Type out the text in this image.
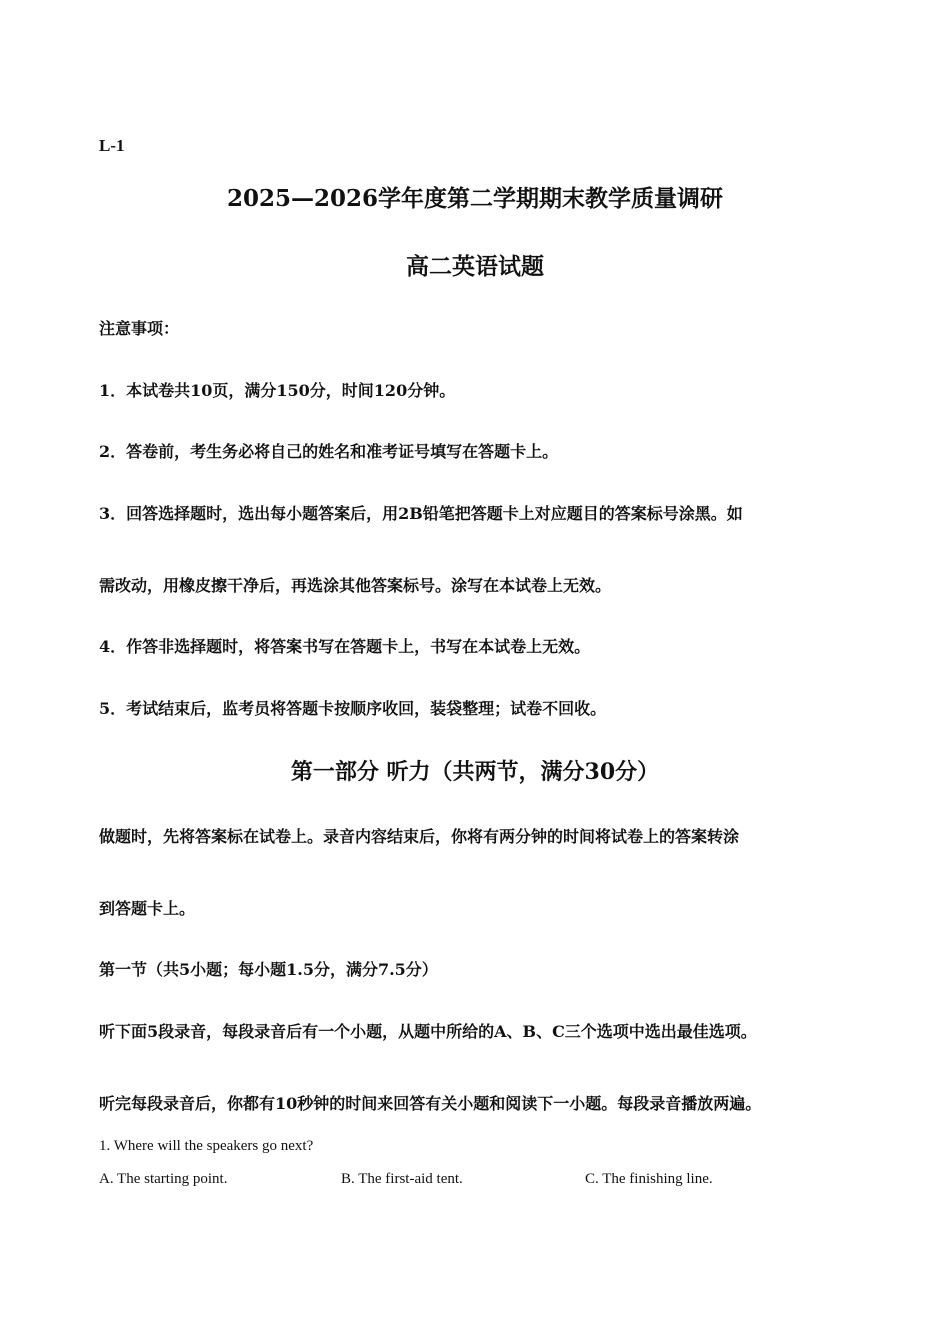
L-1
2025—2026学年度第二学期期末教学质量调研
高二英语试题
注意事项：
1．本试卷共10页，满分150分，时间120分钟。
2．答卷前，考生务必将自己的姓名和准考证号填写在答题卡上。
3．回答选择题时，选出每小题答案后，用2B铅笔把答题卡上对应题目的答案标号涂黑。如
需改动，用橡皮擦干净后，再选涂其他答案标号。涂写在本试卷上无效。
4．作答非选择题时，将答案书写在答题卡上，书写在本试卷上无效。
5．考试结束后，监考员将答题卡按顺序收回，装袋整理；试卷不回收。
第一部分 听力（共两节，满分30分）
做题时，先将答案标在试卷上。录音内容结束后，你将有两分钟的时间将试卷上的答案转涂
到答题卡上。
第一节（共5小题；每小题1.5分，满分7.5分）
听下面5段录音，每段录音后有一个小题，从题中所给的A、B、C三个选项中选出最佳选项。
听完每段录音后，你都有10秒钟的时间来回答有关小题和阅读下一小题。每段录音播放两遍。
1. Where will the speakers go next?
A. The starting point.	B. The first-aid tent.	C. The finishing line.
